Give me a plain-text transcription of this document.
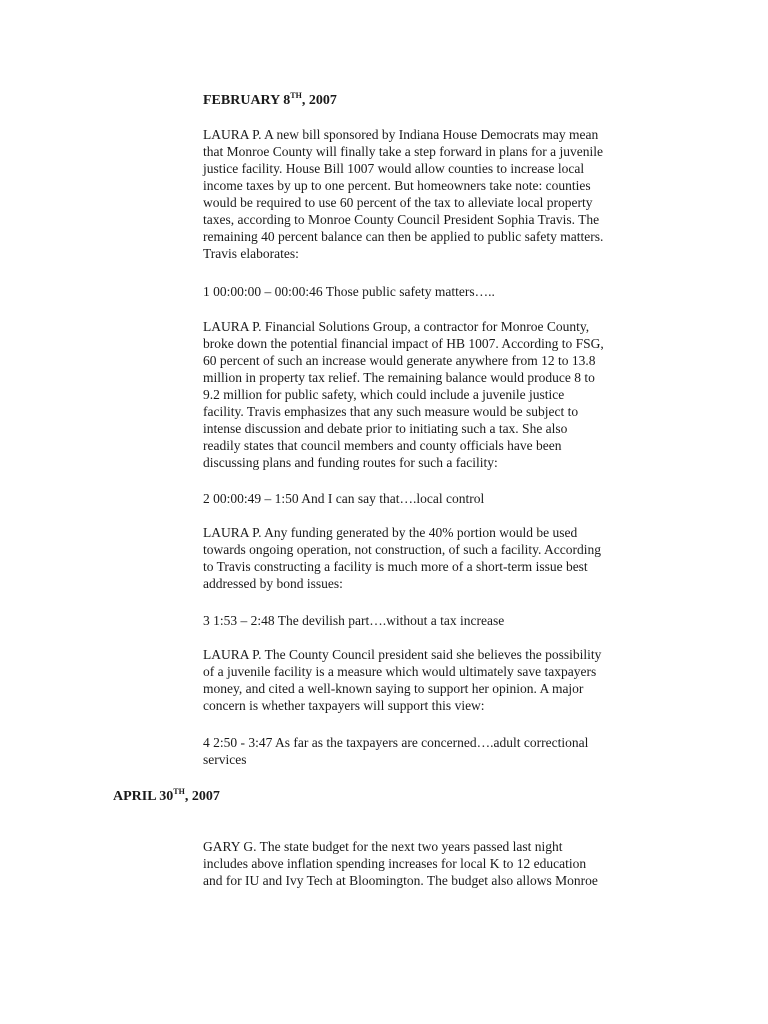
FEBRUARY 8TH, 2007

LAURA P. A new bill sponsored by Indiana House Democrats may mean
that Monroe County will finally take a step forward in plans for a juvenile
justice facility. House Bill 1007 would allow counties to increase local
income taxes by up to one percent. But homeowners take note: counties
would be required to use 60 percent of the tax to alleviate local property
taxes, according to Monroe County Council President Sophia Travis. The
remaining 40 percent balance can then be applied to public safety matters.
Travis elaborates:

1 00:00:00 – 00:00:46 Those public safety matters…..

LAURA P. Financial Solutions Group, a contractor for Monroe County,
broke down the potential financial impact of HB 1007. According to FSG,
60 percent of such an increase would generate anywhere from 12 to 13.8
million in property tax relief. The remaining balance would produce 8 to
9.2 million for public safety, which could include a juvenile justice
facility. Travis emphasizes that any such measure would be subject to
intense discussion and debate prior to initiating such a tax. She also
readily states that council members and county officials have been
discussing plans and funding routes for such a facility:

2 00:00:49 – 1:50 And I can say that….local control

LAURA P. Any funding generated by the 40% portion would be used
towards ongoing operation, not construction, of such a facility. According
to Travis constructing a facility is much more of a short-term issue best
addressed by bond issues:

3 1:53 – 2:48 The devilish part….without a tax increase

LAURA P. The County Council president said she believes the possibility
of a juvenile facility is a measure which would ultimately save taxpayers
money, and cited a well-known saying to support her opinion. A major
concern is whether taxpayers will support this view:

4 2:50 - 3:47 As far as the taxpayers are concerned….adult correctional
services

APRIL 30TH, 2007

GARY G. The state budget for the next two years passed last night
includes above inflation spending increases for local K to 12 education
and for IU and Ivy Tech at Bloomington. The budget also allows Monroe
